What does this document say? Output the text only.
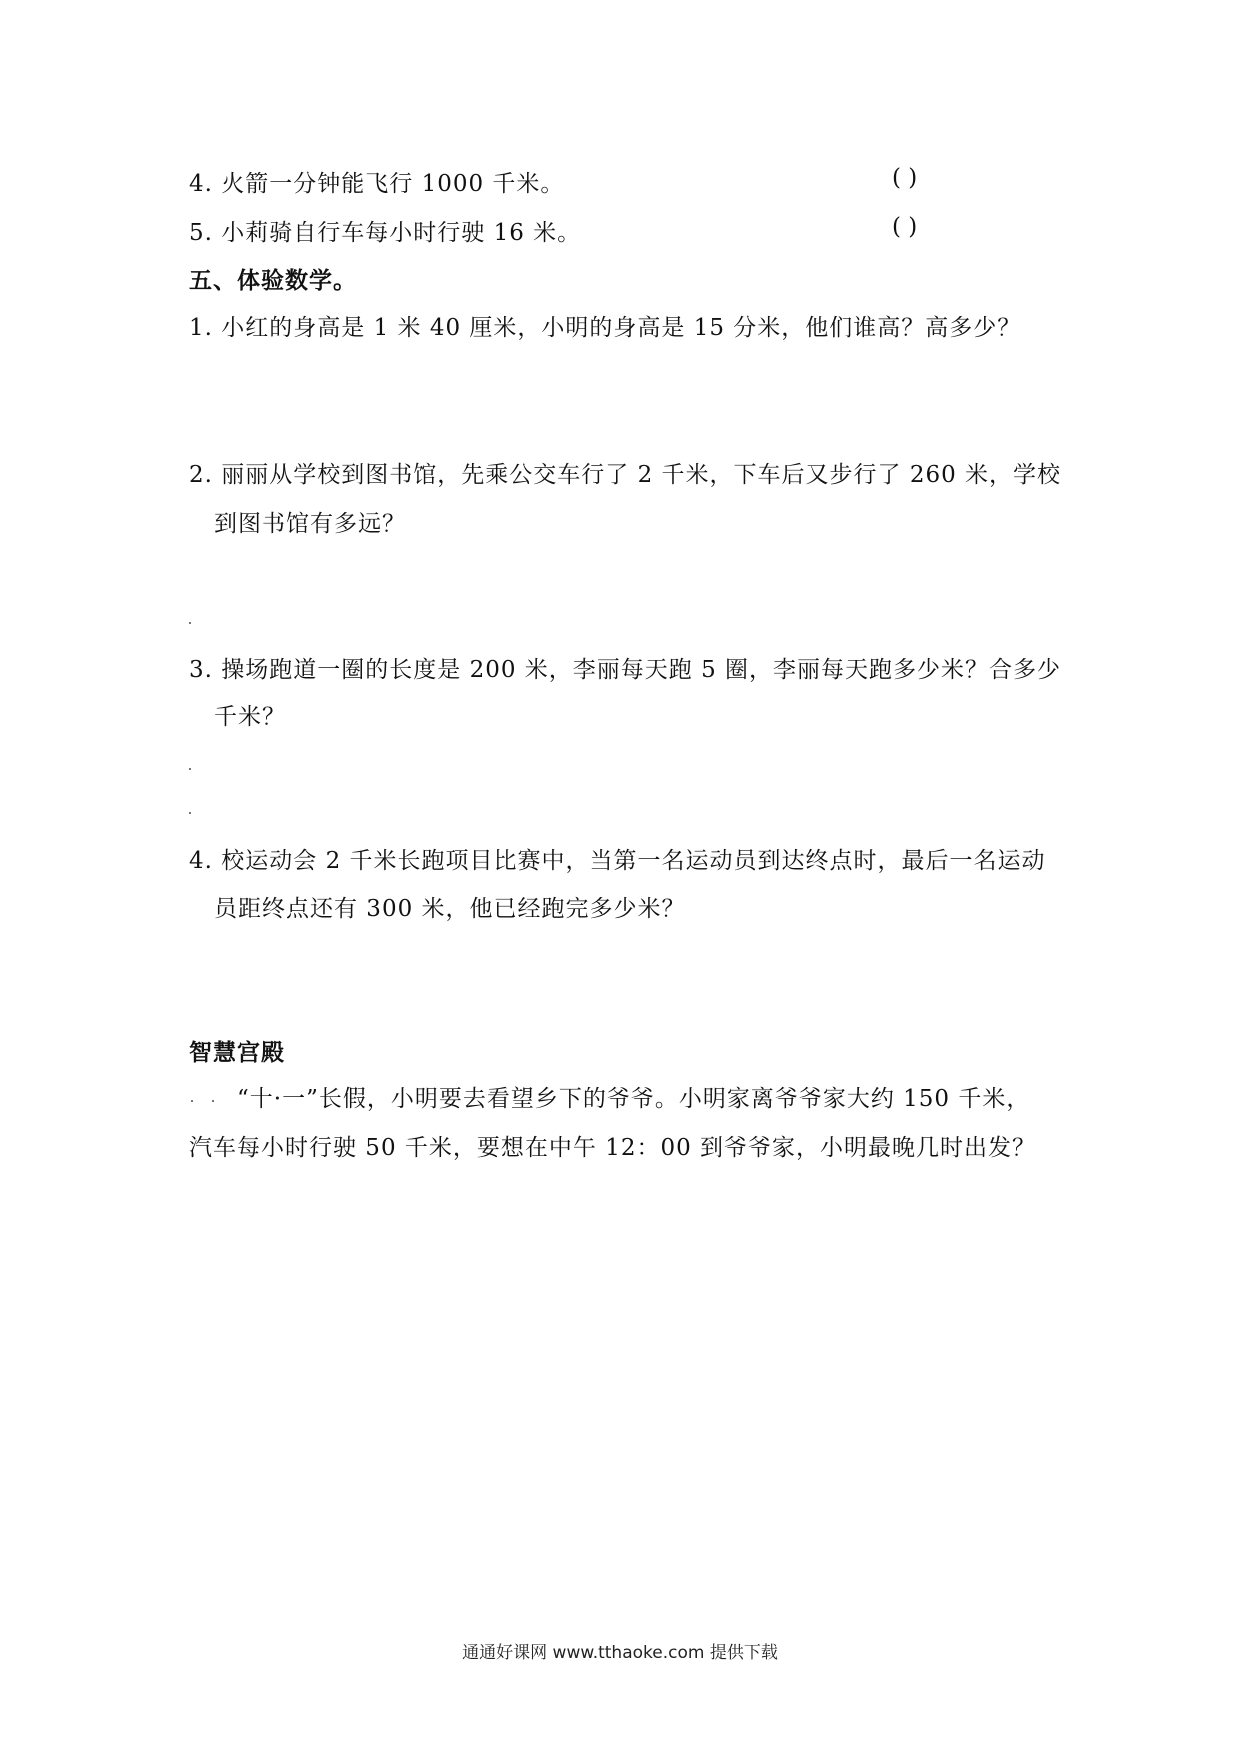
4. 火箭一分钟能飞行 1000 千米。	( )
5. 小莉骑自行车每小时行驶 16 米。	( )
五、体验数学。
1. 小红的身高是 1 米 40 厘米，小明的身高是 15 分米，他们谁高？高多少？
2. 丽丽从学校到图书馆，先乘公交车行了 2 千米，下车后又步行了 260 米，学校
到图书馆有多远？
3. 操场跑道一圈的长度是 200 米，李丽每天跑 5 圈，李丽每天跑多少米？合多少
千米？
4. 校运动会 2 千米长跑项目比赛中，当第一名运动员到达终点时，最后一名运动
员距终点还有 300 米，他已经跑完多少米？
智慧宫殿
“十·一”长假，小明要去看望乡下的爷爷。小明家离爷爷家大约 150 千米，
汽车每小时行驶 50 千米，要想在中午 12：00 到爷爷家，小明最晚几时出发？
通通好课网 www.tthaoke.com 提供下载
